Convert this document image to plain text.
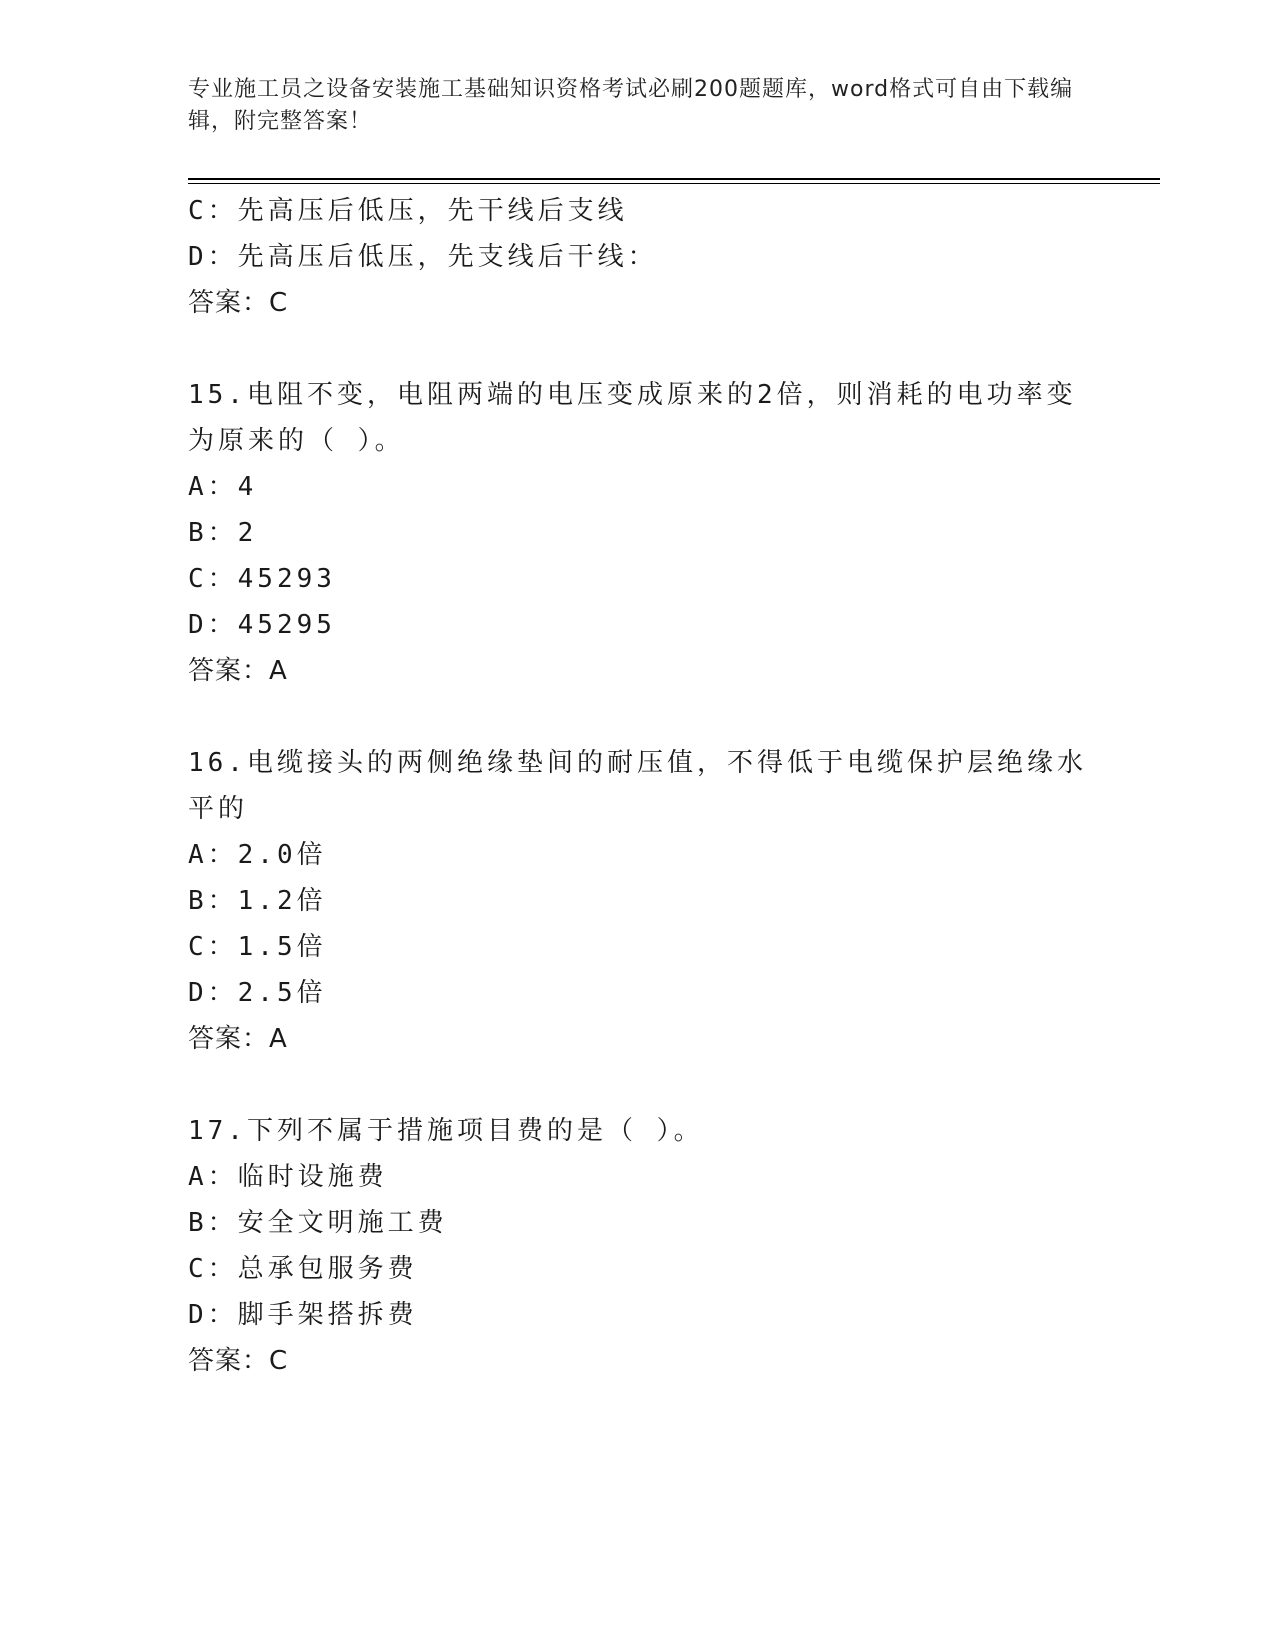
专业施工员之设备安装施工基础知识资格考试必刷200题题库，word格式可自由下载编辑，附完整答案！
C：先高压后低压，先干线后支线
D：先高压后低压，先支线后干线：
答案：C
15.电阻不变，电阻两端的电压变成原来的2倍，则消耗的电功率变为原来的（ ）。
A：4
B：2
C：45293
D：45295
答案：A
16.电缆接头的两侧绝缘垫间的耐压值，不得低于电缆保护层绝缘水平的
A：2.0倍
B：1.2倍
C：1.5倍
D：2.5倍
答案：A
17.下列不属于措施项目费的是（ ）。
A：临时设施费
B：安全文明施工费
C：总承包服务费
D：脚手架搭拆费
答案：C
